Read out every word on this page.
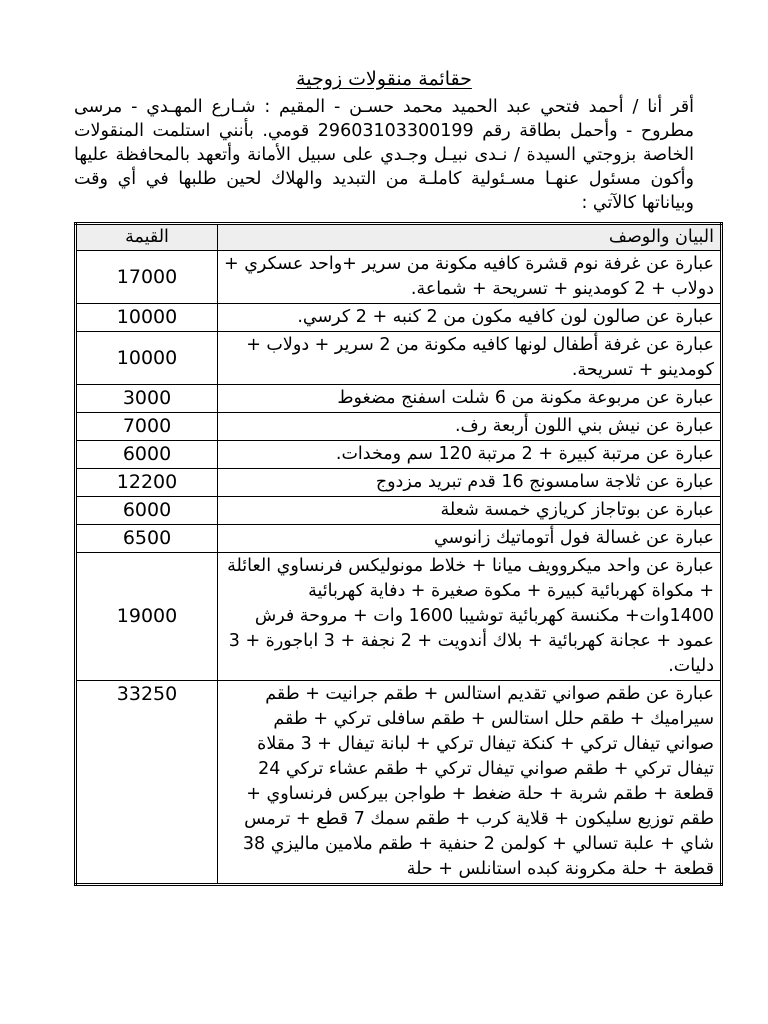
حقائمة منقولات زوجية

أقر أنا / أحمد فتحي عبد الحميد محمد حسـن - المقيم : شـارع المهـدي - مرسى مطروح - وأحمل بطاقة رقم 29603103300199 قومي. بأنني استلمت المنقولات الخاصة بزوجتي السيدة / نـدى نبيـل وجـدي على سبيل الأمانة وأتعهد بالمحافظة عليها وأكون مسئول عنهـا مسـئولية كاملـة من التبديد والهلاك لحين طلبها في أي وقت وبياناتها كالآتي :

البيان والوصف	القيمة
عبارة عن غرفة نوم قشرة كافيه مكونة من سرير +واحد عسكري + دولاب + 2 كومدينو + تسريحة + شماعة.	17000
عبارة عن صالون لون كافيه مكون من 2 كنبه + 2 كرسي.	10000
عبارة عن غرفة أطفال لونها كافيه مكونة من 2 سرير + دولاب + كومدينو + تسريحة.	10000
عبارة عن مربوعة مكونة من 6 شلت اسفنج مضغوط	3000
عبارة عن نيش بني اللون أربعة رف.	7000
عبارة عن مرتبة كبيرة + 2 مرتبة 120 سم ومخدات.	6000
عبارة عن ثلاجة سامسونج 16 قدم تبريد مزدوج	12200
عبارة عن بوتاجاز كريازي خمسة شعلة	6000
عبارة عن غسالة فول أتوماتيك زانوسي	6500
عبارة عن واحد ميكروويف ميانا + خلاط مونوليكس فرنساوي العائلة + مكواة كهربائية كبيرة + مكوة صغيرة + دفاية كهربائية 1400وات+ مكنسة كهربائية توشيبا 1600 وات + مروحة فرش عمود + عجانة كهربائية + بلاك أندويت + 2 نجفة + 3 اباجورة + 3 دليات.	19000
عبارة عن طقم صواني تقديم استالس + طقم جرانيت + طقم سيراميك + طقم حلل استالس + طقم سافلى تركي + طقم صواني تيفال تركي + كنكة تيفال تركي + لبانة تيفال + 3 مقلاة تيفال تركي + طقم صواني تيفال تركي + طقم عشاء تركي 24 قطعة + طقم شربة + حلة ضغط + طواجن بيركس فرنساوي + طقم توزيع سليكون + قلاية كرب + طقم سمك 7 قطع + ترمس شاي + علبة تسالي + كولمن 2 حنفية + طقم ملامين ماليزي 38 قطعة + حلة مكرونة كبده استانلس + حلة	33250
